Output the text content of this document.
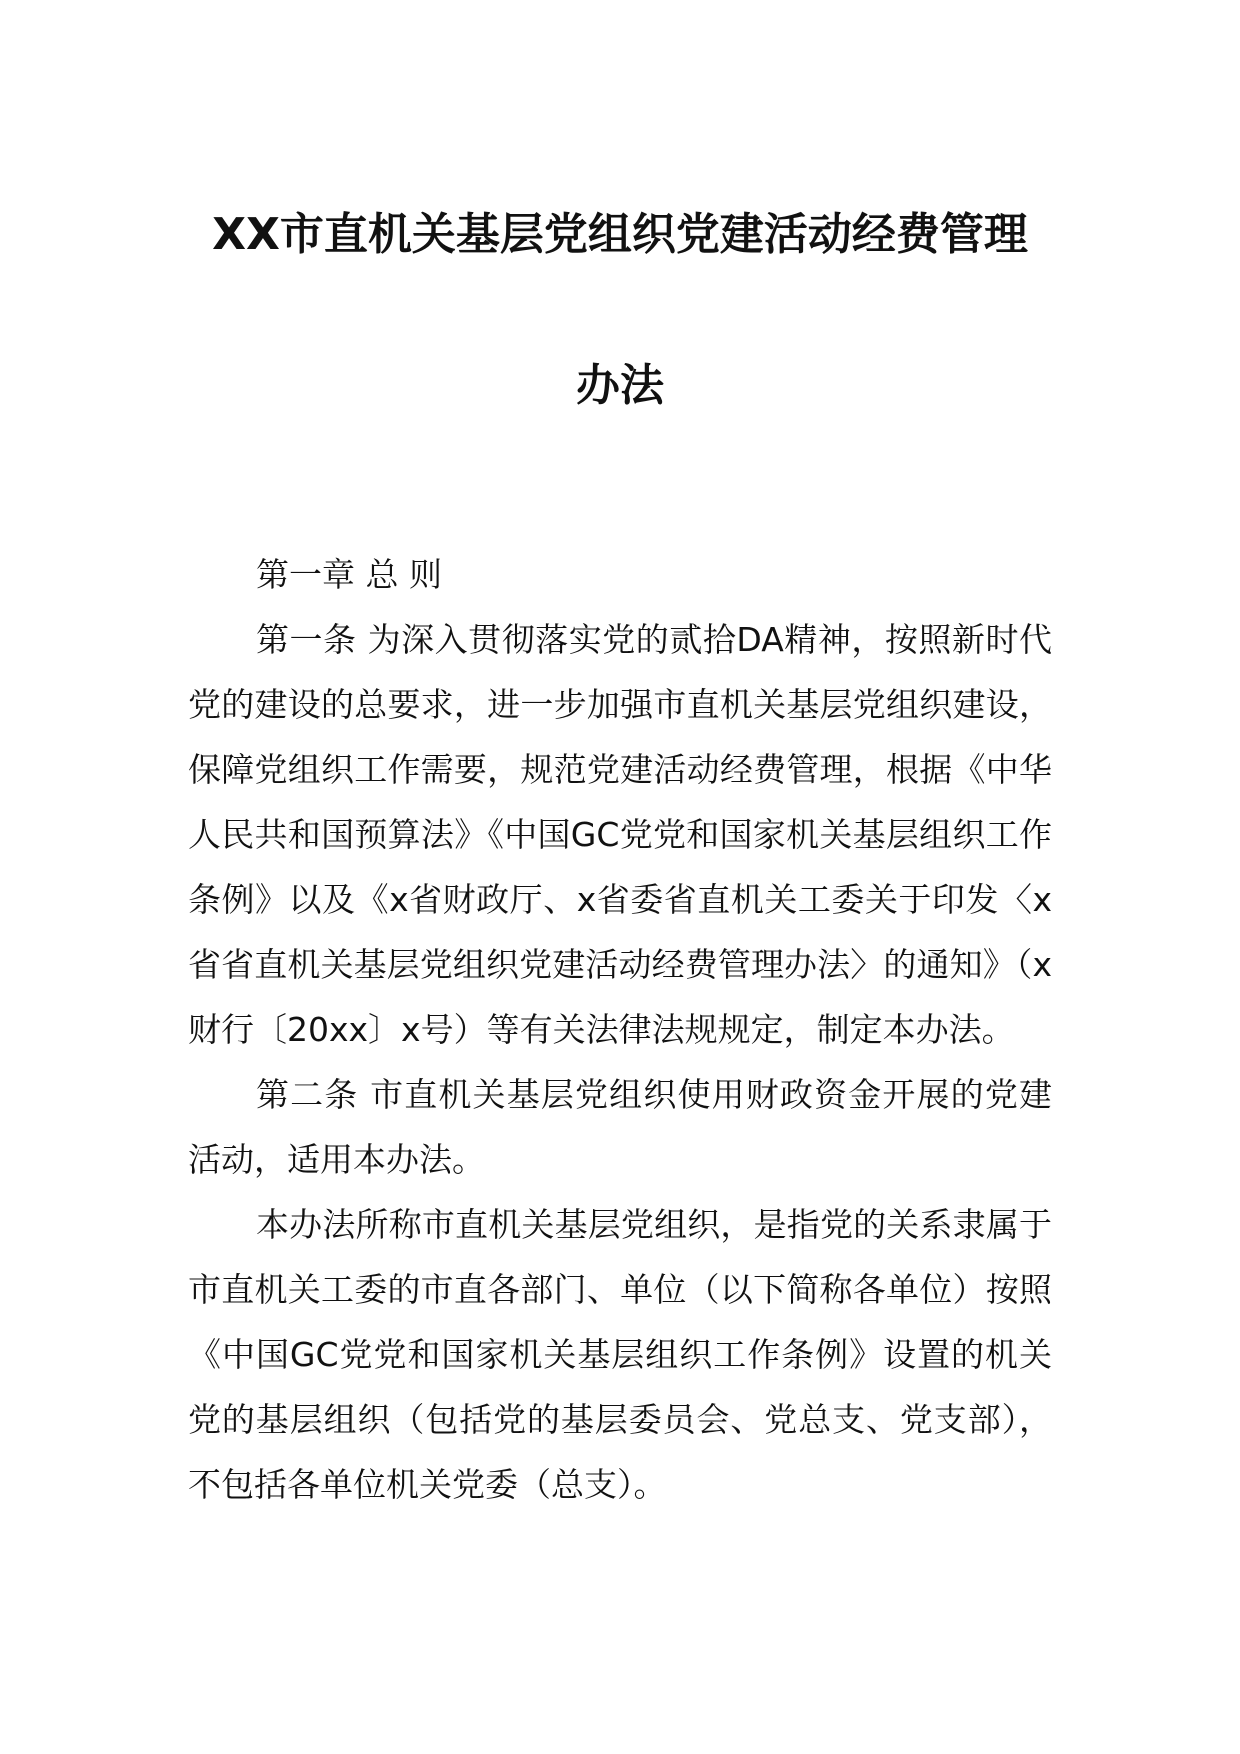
XX市直机关基层党组织党建活动经费管理
办法

第一章 总 则

第一条 为深入贯彻落实党的贰拾DA精神，按照新时代党的建设的总要求，进一步加强市直机关基层党组织建设，保障党组织工作需要，规范党建活动经费管理，根据《中华人民共和国预算法》《中国GC党党和国家机关基层组织工作条例》以及《x省财政厅、x省委省直机关工委关于印发〈x省省直机关基层党组织党建活动经费管理办法〉的通知》（x财行〔20xx〕x号）等有关法律法规规定，制定本办法。

第二条 市直机关基层党组织使用财政资金开展的党建活动，适用本办法。

本办法所称市直机关基层党组织，是指党的关系隶属于市直机关工委的市直各部门、单位（以下简称各单位）按照《中国GC党党和国家机关基层组织工作条例》设置的机关党的基层组织（包括党的基层委员会、党总支、党支部），不包括各单位机关党委（总支）。
